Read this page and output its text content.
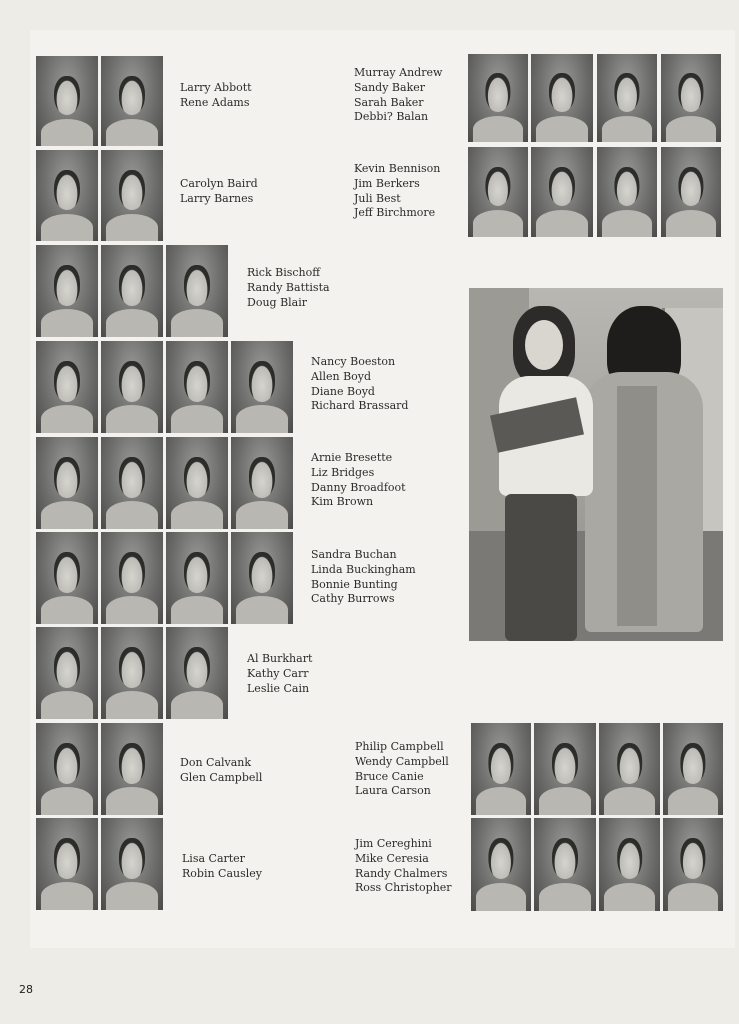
Larry Abbott
Rene Adams
Carolyn Baird
Larry Barnes
Rick Bischoff
Randy Battista
Doug Blair
Nancy Boeston
Allen Boyd
Diane Boyd
Richard Brassard
Arnie Bresette
Liz Bridges
Danny Broadfoot
Kim Brown
Sandra Buchan
Linda Buckingham
Bonnie Bunting
Cathy Burrows
Al Burkhart
Kathy Carr
Leslie Cain
Don Calvank
Glen Campbell
Lisa Carter
Robin Causley
Murray Andrew
Sandy Baker
Sarah Baker
Debbi? Balan
Kevin Bennison
Jim Berkers
Juli Best
Jeff Birchmore
Philip Campbell
Wendy Campbell
Bruce Canie
Laura Carson
Jim Cereghini
Mike Ceresia
Randy Chalmers
Ross Christopher
28
